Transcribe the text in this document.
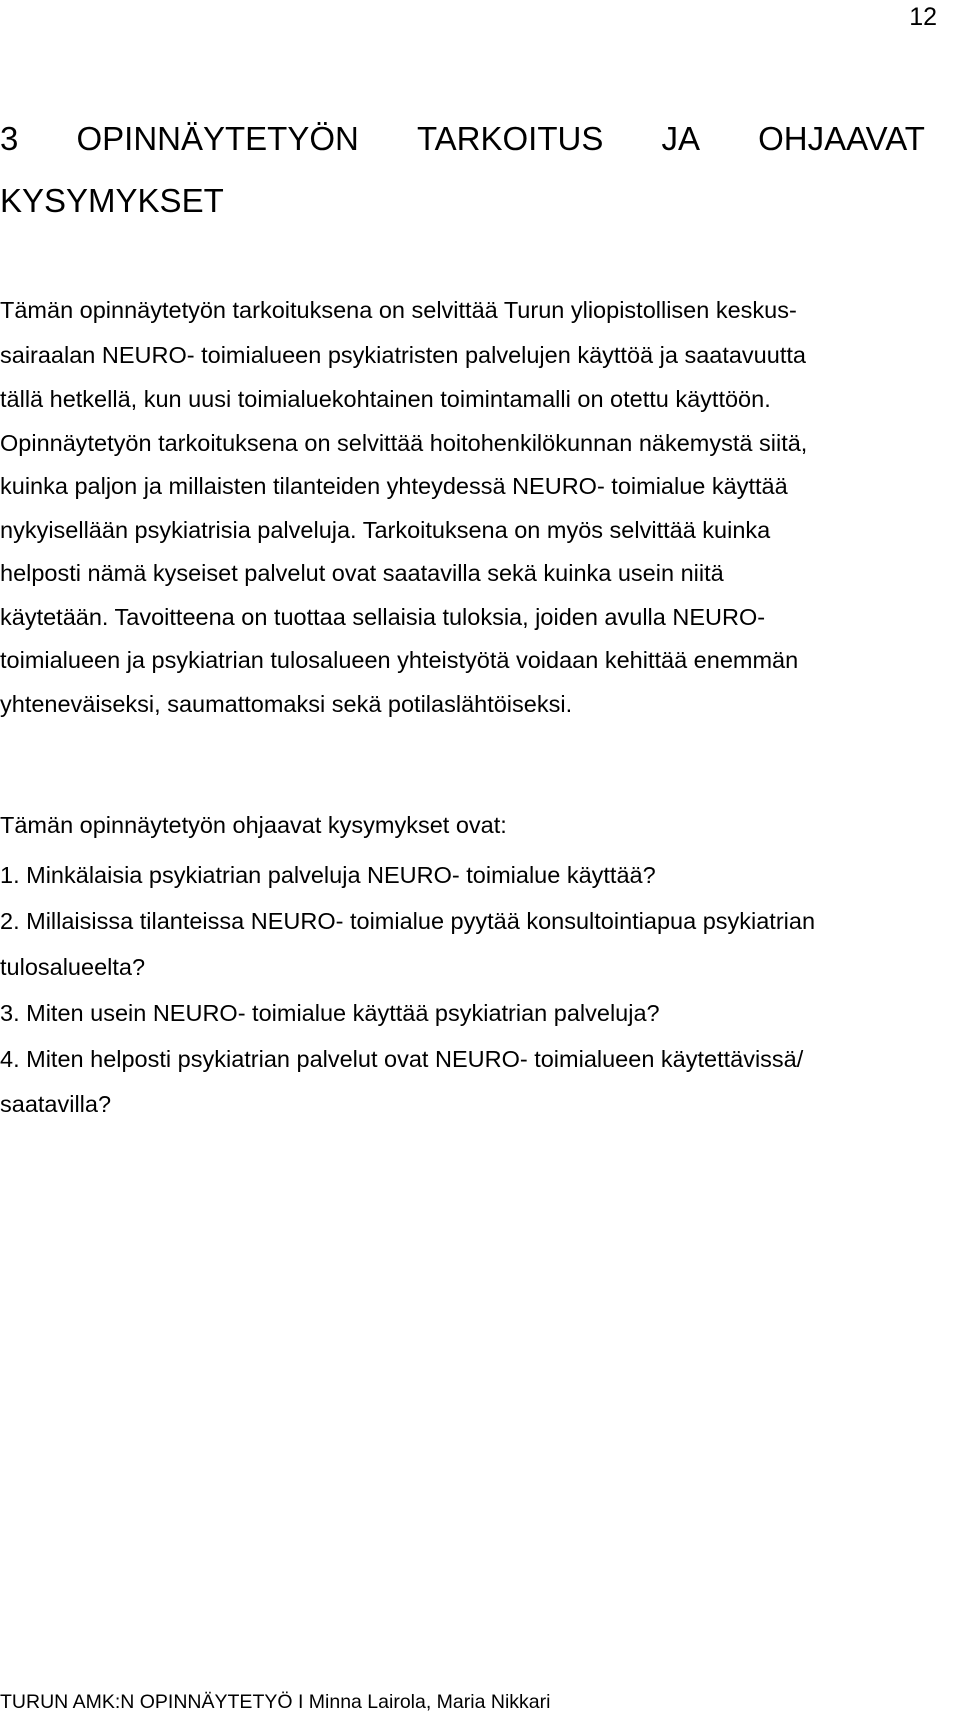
12
3 OPINNÄYTETYÖN TARKOITUS JA OHJAAVAT
KYSYMYKSET
Tämän opinnäytetyön tarkoituksena on selvittää Turun yliopistollisen keskus-
sairaalan NEURO- toimialueen psykiatristen palvelujen käyttöä ja saatavuutta
tällä hetkellä, kun uusi toimialuekohtainen toimintamalli on otettu käyttöön.
Opinnäytetyön tarkoituksena on selvittää hoitohenkilökunnan näkemystä siitä,
kuinka paljon ja millaisten tilanteiden yhteydessä NEURO- toimialue käyttää
nykyisellään psykiatrisia palveluja. Tarkoituksena on myös selvittää kuinka
helposti nämä kyseiset palvelut ovat saatavilla sekä kuinka usein niitä
käytetään. Tavoitteena on tuottaa sellaisia tuloksia, joiden avulla NEURO-
toimialueen ja psykiatrian tulosalueen yhteistyötä voidaan kehittää enemmän
yhteneväiseksi, saumattomaksi sekä potilaslähtöiseksi.

Tämän opinnäytetyön ohjaavat kysymykset ovat:

1. Minkälaisia psykiatrian palveluja NEURO- toimialue käyttää?
2. Millaisissa tilanteissa NEURO- toimialue pyytää konsultointiapua psykiatrian
tulosalueelta?
3. Miten usein NEURO- toimialue käyttää psykiatrian palveluja?
4. Miten helposti psykiatrian palvelut ovat NEURO- toimialueen käytettävissä/
saatavilla?
TURUN AMK:N OPINNÄYTETYÖ I Minna Lairola, Maria Nikkari
